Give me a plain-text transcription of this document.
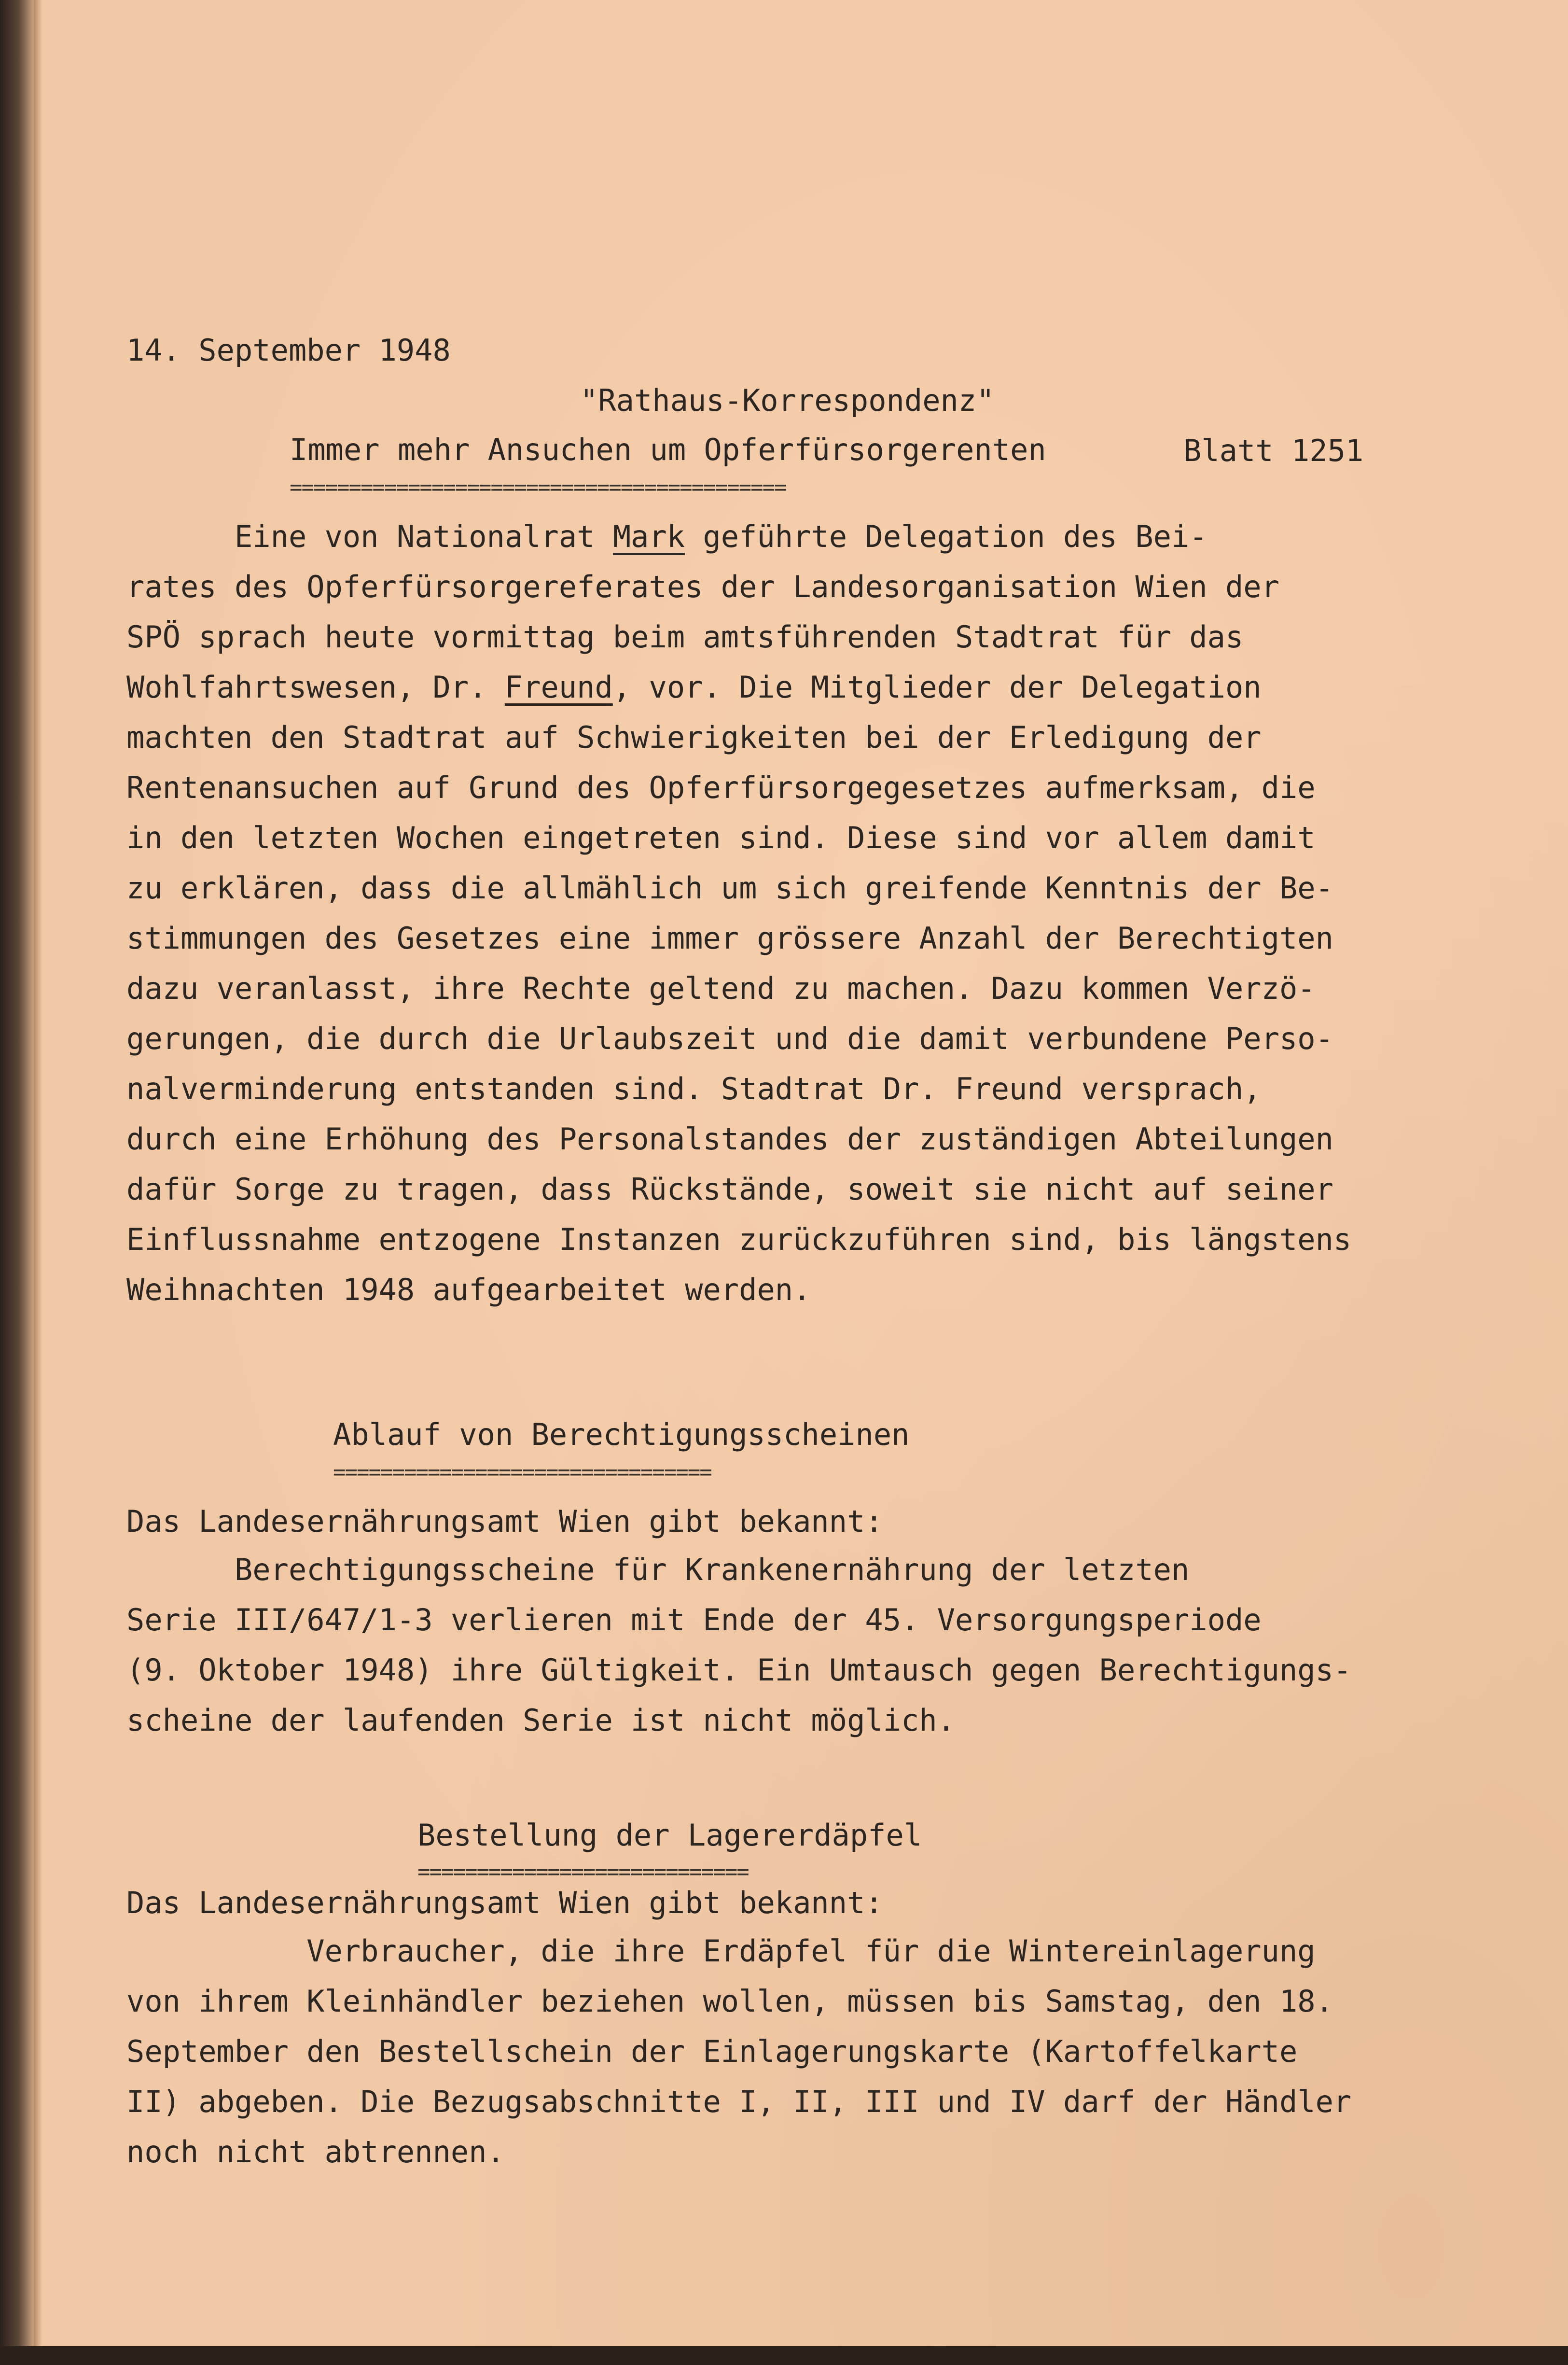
14. September 1948

"Rathaus-Korrespondenz"

Blatt 1251

Immer mehr Ansuchen um Opferfürsorgerenten
==========================================
Eine von Nationalrat Mark geführte Delegation des Bei-
rates des Opferfürsorgereferates der Landesorganisation Wien der
SPÖ sprach heute vormittag beim amtsführenden Stadtrat für das
Wohlfahrtswesen, Dr. Freund, vor. Die Mitglieder der Delegation
machten den Stadtrat auf Schwierigkeiten bei der Erledigung der
Rentenansuchen auf Grund des Opferfürsorgegesetzes aufmerksam, die
in den letzten Wochen eingetreten sind. Diese sind vor allem damit
zu erklären, dass die allmählich um sich greifende Kenntnis der Be-
stimmungen des Gesetzes eine immer grössere Anzahl der Berechtigten
dazu veranlasst, ihre Rechte geltend zu machen. Dazu kommen Verzö-
gerungen, die durch die Urlaubszeit und die damit verbundene Perso-
nalverminderung entstanden sind. Stadtrat Dr. Freund versprach,
durch eine Erhöhung des Personalstandes der zuständigen Abteilungen
dafür Sorge zu tragen, dass Rückstände, soweit sie nicht auf seiner
Einflussnahme entzogene Instanzen zurückzuführen sind, bis längstens
Weihnachten 1948 aufgearbeitet werden.
Ablauf von Berechtigungsscheinen
================================
Das Landesernährungsamt Wien gibt bekannt:
Berechtigungsscheine für Krankenernährung der letzten
Serie III/647/1-3 verlieren mit Ende der 45. Versorgungsperiode
(9. Oktober 1948) ihre Gültigkeit. Ein Umtausch gegen Berechtigungs-
scheine der laufenden Serie ist nicht möglich.
Bestellung der Lagererdäpfel
============================
Das Landesernährungsamt Wien gibt bekannt:
Verbraucher, die ihre Erdäpfel für die Wintereinlagerung
von ihrem Kleinhändler beziehen wollen, müssen bis Samstag, den 18.
September den Bestellschein der Einlagerungskarte (Kartoffelkarte
II) abgeben. Die Bezugsabschnitte I, II, III und IV darf der Händler
noch nicht abtrennen.
